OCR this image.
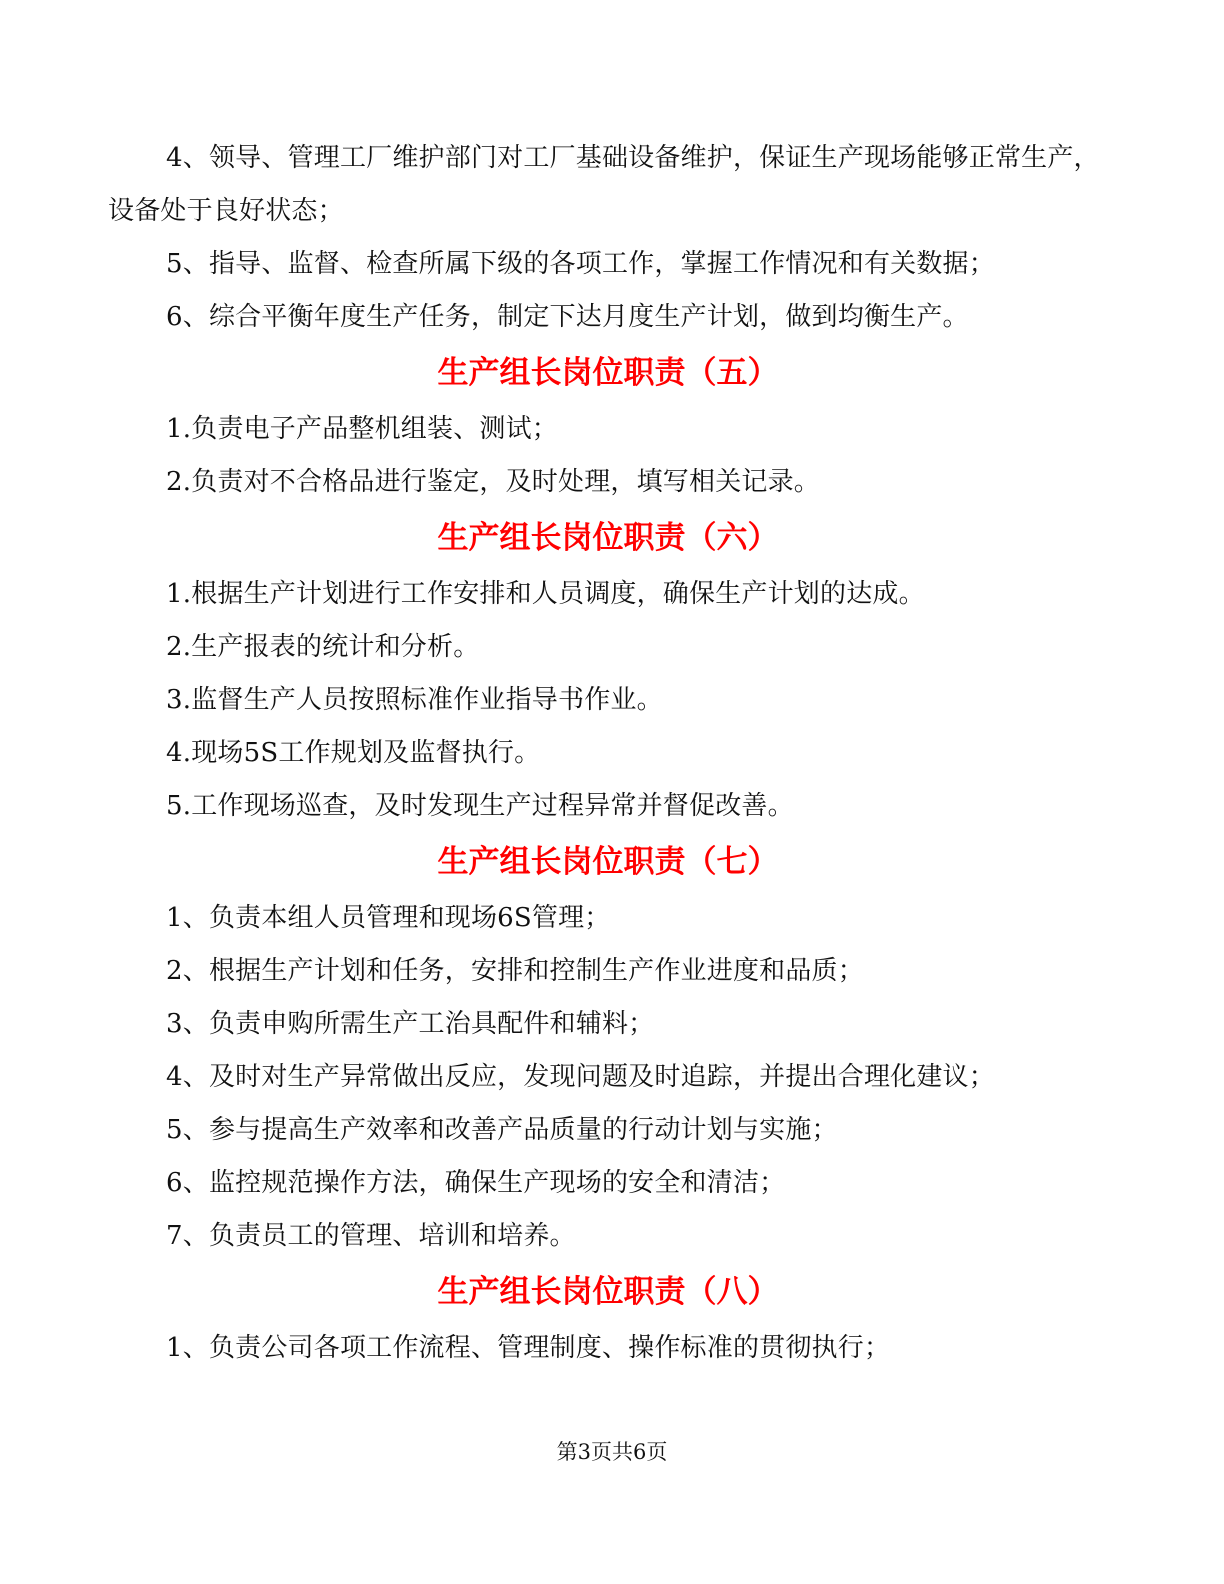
4、领导、管理工厂维护部门对工厂基础设备维护，保证生产现场能够正常生产，设备处于良好状态；

5、指导、监督、检查所属下级的各项工作，掌握工作情况和有关数据；

6、综合平衡年度生产任务，制定下达月度生产计划，做到均衡生产。

生产组长岗位职责（五）

1.负责电子产品整机组装、测试；

2.负责对不合格品进行鉴定，及时处理，填写相关记录。

生产组长岗位职责（六）

1.根据生产计划进行工作安排和人员调度，确保生产计划的达成。

2.生产报表的统计和分析。

3.监督生产人员按照标准作业指导书作业。

4.现场5S工作规划及监督执行。

5.工作现场巡查，及时发现生产过程异常并督促改善。

生产组长岗位职责（七）

1、负责本组人员管理和现场6S管理；

2、根据生产计划和任务，安排和控制生产作业进度和品质；

3、负责申购所需生产工治具配件和辅料；

4、及时对生产异常做出反应，发现问题及时追踪，并提出合理化建议；

5、参与提高生产效率和改善产品质量的行动计划与实施；

6、监控规范操作方法，确保生产现场的安全和清洁；

7、负责员工的管理、培训和培养。

生产组长岗位职责（八）

1、负责公司各项工作流程、管理制度、操作标准的贯彻执行；

第3页共6页
